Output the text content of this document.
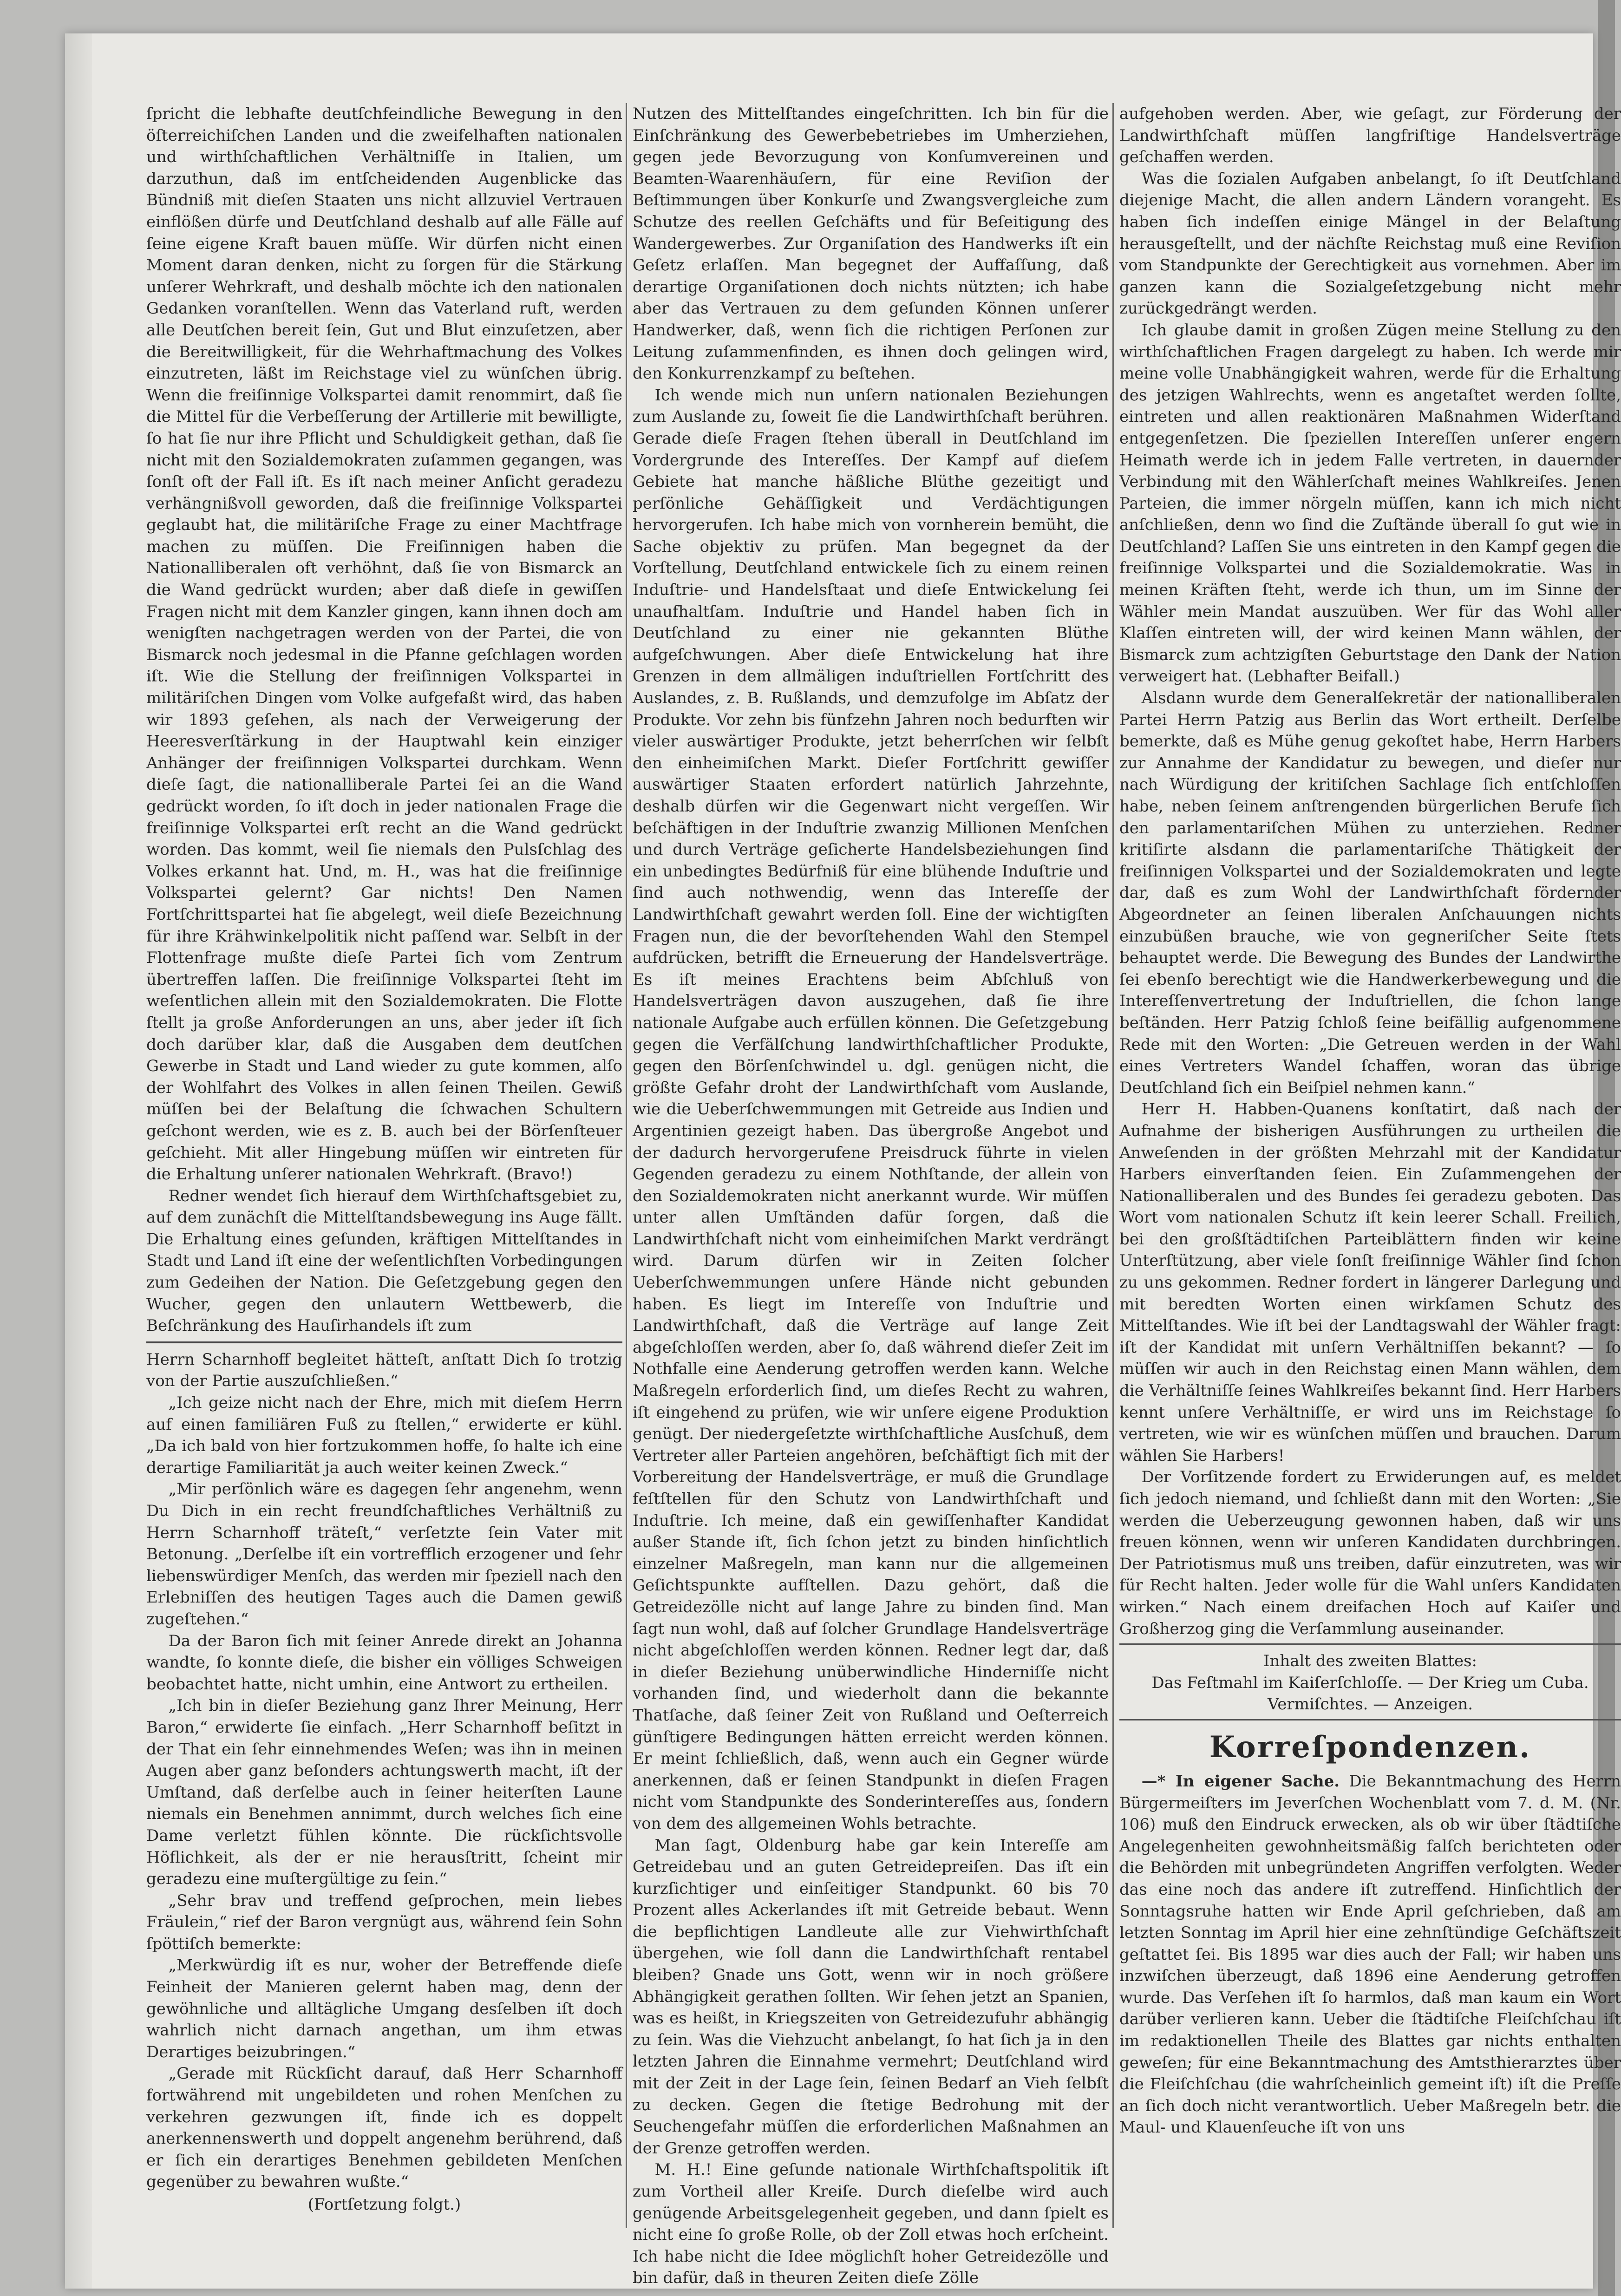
ſpricht die lebhafte deutſchfeindliche Bewegung in den öſterreichiſchen Landen und die zweifelhaften nationalen und wirthſchaftlichen Verhältniſſe in Italien, um darzuthun, daß im entſcheidenden Augenblicke das Bündniß mit dieſen Staaten uns nicht allzuviel Vertrauen einflößen dürfe und Deutſchland deshalb auf alle Fälle auf ſeine eigene Kraft bauen müſſe. Wir dürfen nicht einen Moment daran denken, nicht zu ſorgen für die Stärkung unſerer Wehrkraft, und deshalb möchte ich den nationalen Gedanken voranſtellen. Wenn das Vaterland ruft, werden alle Deutſchen bereit ſein, Gut und Blut einzuſetzen, aber die Bereitwilligkeit, für die Wehrhaftmachung des Volkes einzutreten, läßt im Reichstage viel zu wünſchen übrig. Wenn die freiſinnige Volkspartei damit renommirt, daß ſie die Mittel für die Verbeſſerung der Artillerie mit bewilligte, ſo hat ſie nur ihre Pflicht und Schuldigkeit gethan, daß ſie nicht mit den Sozialdemokraten zuſammen gegangen, was ſonſt oft der Fall iſt. Es iſt nach meiner Anſicht geradezu verhängnißvoll geworden, daß die freiſinnige Volkspartei geglaubt hat, die militäriſche Frage zu einer Machtfrage machen zu müſſen. Die Freiſinnigen haben die Nationalliberalen oft verhöhnt, daß ſie von Bismarck an die Wand gedrückt wurden; aber daß dieſe in gewiſſen Fragen nicht mit dem Kanzler gingen, kann ihnen doch am wenigſten nachgetragen werden von der Partei, die von Bismarck noch jedesmal in die Pfanne geſchlagen worden iſt. Wie die Stellung der freiſinnigen Volkspartei in militäriſchen Dingen vom Volke aufgefaßt wird, das haben wir 1893 geſehen, als nach der Verweigerung der Heeresverſtärkung in der Hauptwahl kein einziger Anhänger der freiſinnigen Volkspartei durchkam. Wenn dieſe ſagt, die nationalliberale Partei ſei an die Wand gedrückt worden, ſo iſt doch in jeder nationalen Frage die freiſinnige Volkspartei erſt recht an die Wand gedrückt worden. Das kommt, weil ſie niemals den Pulsſchlag des Volkes erkannt hat. Und, m. H., was hat die freiſinnige Volkspartei gelernt? Gar nichts! Den Namen Fortſchrittspartei hat ſie abgelegt, weil dieſe Bezeichnung für ihre Krähwinkelpolitik nicht paſſend war. Selbſt in der Flottenfrage mußte dieſe Partei ſich vom Zentrum übertreffen laſſen. Die freiſinnige Volkspartei ſteht im weſentlichen allein mit den Sozialdemokraten. Die Flotte ſtellt ja große Anforderungen an uns, aber jeder iſt ſich doch darüber klar, daß die Ausgaben dem deutſchen Gewerbe in Stadt und Land wieder zu gute kommen, alſo der Wohlfahrt des Volkes in allen ſeinen Theilen. Gewiß müſſen bei der Belaſtung die ſchwachen Schultern geſchont werden, wie es z. B. auch bei der Börſenſteuer geſchieht. Mit aller Hingebung müſſen wir eintreten für die Erhaltung unſerer nationalen Wehrkraft. (Bravo!)

Redner wendet ſich hierauf dem Wirthſchaftsgebiet zu, auf dem zunächſt die Mittelſtandsbewegung ins Auge fällt. Die Erhaltung eines geſunden, kräftigen Mittelſtandes in Stadt und Land iſt eine der weſentlichſten Vorbedingungen zum Gedeihen der Nation. Die Geſetzgebung gegen den Wucher, gegen den unlautern Wettbewerb, die Beſchränkung des Hauſirhandels iſt zum

Herrn Scharnhoff begleitet hätteſt, anſtatt Dich ſo trotzig von der Partie auszuſchließen.“

„Ich geize nicht nach der Ehre, mich mit dieſem Herrn auf einen familiären Fuß zu ſtellen,“ erwiderte er kühl. „Da ich bald von hier fortzukommen hoffe, ſo halte ich eine derartige Familiarität ja auch weiter keinen Zweck.“

„Mir perſönlich wäre es dagegen ſehr angenehm, wenn Du Dich in ein recht freundſchaftliches Verhältniß zu Herrn Scharnhoff träteſt,“ verſetzte ſein Vater mit Betonung. „Derſelbe iſt ein vortrefflich erzogener und ſehr liebenswürdiger Menſch, das werden mir ſpeziell nach den Erlebniſſen des heutigen Tages auch die Damen gewiß zugeſtehen.“

Da der Baron ſich mit ſeiner Anrede direkt an Johanna wandte, ſo konnte dieſe, die bisher ein völliges Schweigen beobachtet hatte, nicht umhin, eine Antwort zu ertheilen.

„Ich bin in dieſer Beziehung ganz Ihrer Meinung, Herr Baron,“ erwiderte ſie einfach. „Herr Scharnhoff beſitzt in der That ein ſehr einnehmendes Weſen; was ihn in meinen Augen aber ganz beſonders achtungswerth macht, iſt der Umſtand, daß derſelbe auch in ſeiner heiterſten Laune niemals ein Benehmen annimmt, durch welches ſich eine Dame verletzt fühlen könnte. Die rückſichtsvolle Höflichkeit, als der er nie herausſtritt, ſcheint mir geradezu eine muſtergültige zu ſein.“

„Sehr brav und treffend geſprochen, mein liebes Fräulein,“ rief der Baron vergnügt aus, während ſein Sohn ſpöttiſch bemerkte:

„Merkwürdig iſt es nur, woher der Betreffende dieſe Feinheit der Manieren gelernt haben mag, denn der gewöhnliche und alltägliche Umgang desſelben iſt doch wahrlich nicht darnach angethan, um ihm etwas Derartiges beizubringen.“

„Gerade mit Rückſicht darauf, daß Herr Scharnhoff fortwährend mit ungebildeten und rohen Menſchen zu verkehren gezwungen iſt, finde ich es doppelt anerkennenswerth und doppelt angenehm berührend, daß er ſich ein derartiges Benehmen gebildeten Menſchen gegenüber zu bewahren wußte.“

(Fortſetzung folgt.)

Nutzen des Mittelſtandes eingeſchritten. Ich bin für die Einſchränkung des Gewerbebetriebes im Umherziehen, gegen jede Bevorzugung von Konſumvereinen und Beamten-Waarenhäuſern, für eine Reviſion der Beſtimmungen über Konkurſe und Zwangsvergleiche zum Schutze des reellen Geſchäfts und für Beſeitigung des Wandergewerbes. Zur Organiſation des Handwerks iſt ein Geſetz erlaſſen. Man begegnet der Auffaſſung, daß derartige Organiſationen doch nichts nützten; ich habe aber das Vertrauen zu dem geſunden Können unſerer Handwerker, daß, wenn ſich die richtigen Perſonen zur Leitung zuſammenfinden, es ihnen doch gelingen wird, den Konkurrenzkampf zu beſtehen.

Ich wende mich nun unſern nationalen Beziehungen zum Auslande zu, ſoweit ſie die Landwirthſchaft berühren. Gerade dieſe Fragen ſtehen überall in Deutſchland im Vordergrunde des Intereſſes. Der Kampf auf dieſem Gebiete hat manche häßliche Blüthe gezeitigt und perſönliche Gehäſſigkeit und Verdächtigungen hervorgerufen. Ich habe mich von vornherein bemüht, die Sache objektiv zu prüfen. Man begegnet da der Vorſtellung, Deutſchland entwickele ſich zu einem reinen Induſtrie- und Handelsſtaat und dieſe Entwickelung ſei unaufhaltſam. Induſtrie und Handel haben ſich in Deutſchland zu einer nie gekannten Blüthe aufgeſchwungen. Aber dieſe Entwickelung hat ihre Grenzen in dem allmäligen induſtriellen Fortſchritt des Auslandes, z. B. Rußlands, und demzufolge im Abſatz der Produkte. Vor zehn bis fünfzehn Jahren noch bedurften wir vieler auswärtiger Produkte, jetzt beherrſchen wir ſelbſt den einheimiſchen Markt. Dieſer Fortſchritt gewiſſer auswärtiger Staaten erfordert natürlich Jahrzehnte, deshalb dürfen wir die Gegenwart nicht vergeſſen. Wir beſchäftigen in der Induſtrie zwanzig Millionen Menſchen und durch Verträge geſicherte Handelsbeziehungen ſind ein unbedingtes Bedürfniß für eine blühende Induſtrie und ſind auch nothwendig, wenn das Intereſſe der Landwirthſchaft gewahrt werden ſoll. Eine der wichtigſten Fragen nun, die der bevorſtehenden Wahl den Stempel aufdrücken, betrifft die Erneuerung der Handelsverträge. Es iſt meines Erachtens beim Abſchluß von Handelsverträgen davon auszugehen, daß ſie ihre nationale Aufgabe auch erfüllen können. Die Geſetzgebung gegen die Verfälſchung landwirthſchaftlicher Produkte, gegen den Börſenſchwindel u. dgl. genügen nicht, die größte Gefahr droht der Landwirthſchaft vom Auslande, wie die Ueberſchwemmungen mit Getreide aus Indien und Argentinien gezeigt haben. Das übergroße Angebot und der dadurch hervorgerufene Preisdruck führte in vielen Gegenden geradezu zu einem Nothſtande, der allein von den Sozialdemokraten nicht anerkannt wurde. Wir müſſen unter allen Umſtänden dafür ſorgen, daß die Landwirthſchaft nicht vom einheimiſchen Markt verdrängt wird. Darum dürfen wir in Zeiten ſolcher Ueberſchwemmungen unſere Hände nicht gebunden haben. Es liegt im Intereſſe von Induſtrie und Landwirthſchaft, daß die Verträge auf lange Zeit abgeſchloſſen werden, aber ſo, daß während dieſer Zeit im Nothfalle eine Aenderung getroffen werden kann. Welche Maßregeln erforderlich ſind, um dieſes Recht zu wahren, iſt eingehend zu prüfen, wie wir unſere eigene Produktion genügt. Der niedergeſetzte wirthſchaftliche Ausſchuß, dem Vertreter aller Parteien angehören, beſchäftigt ſich mit der Vorbereitung der Handelsverträge, er muß die Grundlage feſtſtellen für den Schutz von Landwirthſchaft und Induſtrie. Ich meine, daß ein gewiſſenhafter Kandidat außer Stande iſt, ſich ſchon jetzt zu binden hinſichtlich einzelner Maßregeln, man kann nur die allgemeinen Geſichtspunkte aufſtellen. Dazu gehört, daß die Getreidezölle nicht auf lange Jahre zu binden ſind. Man ſagt nun wohl, daß auf ſolcher Grundlage Handelsverträge nicht abgeſchloſſen werden können. Redner legt dar, daß in dieſer Beziehung unüberwindliche Hinderniſſe nicht vorhanden ſind, und wiederholt dann die bekannte Thatſache, daß ſeiner Zeit von Rußland und Oeſterreich günſtigere Bedingungen hätten erreicht werden können. Er meint ſchließlich, daß, wenn auch ein Gegner würde anerkennen, daß er ſeinen Standpunkt in dieſen Fragen nicht vom Standpunkte des Sonderintereſſes aus, ſondern von dem des allgemeinen Wohls betrachte.

Man ſagt, Oldenburg habe gar kein Intereſſe am Getreidebau und an guten Getreidepreiſen. Das iſt ein kurzſichtiger und einſeitiger Standpunkt. 60 bis 70 Prozent alles Ackerlandes iſt mit Getreide bebaut. Wenn die bepflichtigen Landleute alle zur Viehwirthſchaft übergehen, wie ſoll dann die Landwirthſchaft rentabel bleiben? Gnade uns Gott, wenn wir in noch größere Abhängigkeit gerathen ſollten. Wir ſehen jetzt an Spanien, was es heißt, in Kriegszeiten von Getreidezufuhr abhängig zu ſein. Was die Viehzucht anbelangt, ſo hat ſich ja in den letzten Jahren die Einnahme vermehrt; Deutſchland wird mit der Zeit in der Lage ſein, ſeinen Bedarf an Vieh ſelbſt zu decken. Gegen die ſtetige Bedrohung mit der Seuchengefahr müſſen die erforderlichen Maßnahmen an der Grenze getroffen werden.

M. H.! Eine geſunde nationale Wirthſchaftspolitik iſt zum Vortheil aller Kreiſe. Durch dieſelbe wird auch genügende Arbeitsgelegenheit gegeben, und dann ſpielt es nicht eine ſo große Rolle, ob der Zoll etwas hoch erſcheint. Ich habe nicht die Idee möglichſt hoher Getreidezölle und bin dafür, daß in theuren Zeiten dieſe Zölle

aufgehoben werden. Aber, wie geſagt, zur Förderung der Landwirthſchaft müſſen langfriſtige Handelsverträge geſchaffen werden.

Was die ſozialen Aufgaben anbelangt, ſo iſt Deutſchland diejenige Macht, die allen andern Ländern vorangeht. Es haben ſich indeſſen einige Mängel in der Belaſtung herausgeſtellt, und der nächſte Reichstag muß eine Reviſion vom Standpunkte der Gerechtigkeit aus vornehmen. Aber im ganzen kann die Sozialgeſetzgebung nicht mehr zurückgedrängt werden.

Ich glaube damit in großen Zügen meine Stellung zu den wirthſchaftlichen Fragen dargelegt zu haben. Ich werde mir meine volle Unabhängigkeit wahren, werde für die Erhaltung des jetzigen Wahlrechts, wenn es angetaſtet werden ſollte, eintreten und allen reaktionären Maßnahmen Widerſtand entgegenſetzen. Die ſpeziellen Intereſſen unſerer engern Heimath werde ich in jedem Falle vertreten, in dauernder Verbindung mit den Wählerſchaft meines Wahlkreiſes. Jenen Parteien, die immer nörgeln müſſen, kann ich mich nicht anſchließen, denn wo ſind die Zuſtände überall ſo gut wie in Deutſchland? Laſſen Sie uns eintreten in den Kampf gegen die freiſinnige Volkspartei und die Sozialdemokratie. Was in meinen Kräften ſteht, werde ich thun, um im Sinne der Wähler mein Mandat auszuüben. Wer für das Wohl aller Klaſſen eintreten will, der wird keinen Mann wählen, der Bismarck zum achtzigſten Geburtstage den Dank der Nation verweigert hat. (Lebhafter Beifall.)

Alsdann wurde dem Generalſekretär der nationalliberalen Partei Herrn Patzig aus Berlin das Wort ertheilt. Derſelbe bemerkte, daß es Mühe genug gekoſtet habe, Herrn Harbers zur Annahme der Kandidatur zu bewegen, und dieſer nur nach Würdigung der kritiſchen Sachlage ſich entſchloſſen habe, neben ſeinem anſtrengenden bürgerlichen Berufe ſich den parlamentariſchen Mühen zu unterziehen. Redner kritiſirte alsdann die parlamentariſche Thätigkeit der freiſinnigen Volkspartei und der Sozialdemokraten und legte dar, daß es zum Wohl der Landwirthſchaft fördernder Abgeordneter an ſeinen liberalen Anſchauungen nichts einzubüßen brauche, wie von gegneriſcher Seite ſtets behauptet werde. Die Bewegung des Bundes der Landwirthe ſei ebenſo berechtigt wie die Handwerkerbewegung und die Intereſſenvertretung der Induſtriellen, die ſchon lange beſtänden. Herr Patzig ſchloß ſeine beifällig aufgenommene Rede mit den Worten: „Die Getreuen werden in der Wahl eines Vertreters Wandel ſchaffen, woran das übrige Deutſchland ſich ein Beiſpiel nehmen kann.“

Herr H. Habben-Quanens konſtatirt, daß nach der Aufnahme der bisherigen Ausführungen zu urtheilen die Anweſenden in der größten Mehrzahl mit der Kandidatur Harbers einverſtanden ſeien. Ein Zuſammengehen der Nationalliberalen und des Bundes ſei geradezu geboten. Das Wort vom nationalen Schutz iſt kein leerer Schall. Freilich, bei den großſtädtiſchen Parteiblättern finden wir keine Unterſtützung, aber viele ſonſt freiſinnige Wähler ſind ſchon zu uns gekommen. Redner fordert in längerer Darlegung und mit beredten Worten einen wirkſamen Schutz des Mittelſtandes. Wie iſt bei der Landtagswahl der Wähler fragt: iſt der Kandidat mit unſern Verhältniſſen bekannt? — ſo müſſen wir auch in den Reichstag einen Mann wählen, dem die Verhältniſſe ſeines Wahlkreiſes bekannt ſind. Herr Harbers kennt unſere Verhältniſſe, er wird uns im Reichstage ſo vertreten, wie wir es wünſchen müſſen und brauchen. Darum wählen Sie Harbers!

Der Vorſitzende fordert zu Erwiderungen auf, es meldet ſich jedoch niemand, und ſchließt dann mit den Worten: „Sie werden die Ueberzeugung gewonnen haben, daß wir uns freuen können, wenn wir unſeren Kandidaten durchbringen. Der Patriotismus muß uns treiben, dafür einzutreten, was wir für Recht halten. Jeder wolle für die Wahl unſers Kandidaten wirken.“ Nach einem dreifachen Hoch auf Kaiſer und Großherzog ging die Verſammlung auseinander.

Inhalt des zweiten Blattes:

Das Feſtmahl im Kaiſerſchloſſe. — Der Krieg um Cuba.

Vermiſchtes. — Anzeigen.

Korreſpondenzen.

—* In eigener Sache. Die Bekanntmachung des Herrn Bürgermeiſters im Jeverſchen Wochenblatt vom 7. d. M. (Nr. 106) muß den Eindruck erwecken, als ob wir über ſtädtiſche Angelegenheiten gewohnheitsmäßig falſch berichteten oder die Behörden mit unbegründeten Angriffen verfolgten. Weder das eine noch das andere iſt zutreffend. Hinſichtlich der Sonntagsruhe hatten wir Ende April geſchrieben, daß am letzten Sonntag im April hier eine zehnſtündige Geſchäftszeit geſtattet ſei. Bis 1895 war dies auch der Fall; wir haben uns inzwiſchen überzeugt, daß 1896 eine Aenderung getroffen wurde. Das Verſehen iſt ſo harmlos, daß man kaum ein Wort darüber verlieren kann. Ueber die ſtädtiſche Fleiſchſchau iſt im redaktionellen Theile des Blattes gar nichts enthalten geweſen; für eine Bekanntmachung des Amtsthierarztes über die Fleiſchſchau (die wahrſcheinlich gemeint iſt) iſt die Preſſe an ſich doch nicht verantwortlich. Ueber Maßregeln betr. die Maul- und Klauenſeuche iſt von uns
